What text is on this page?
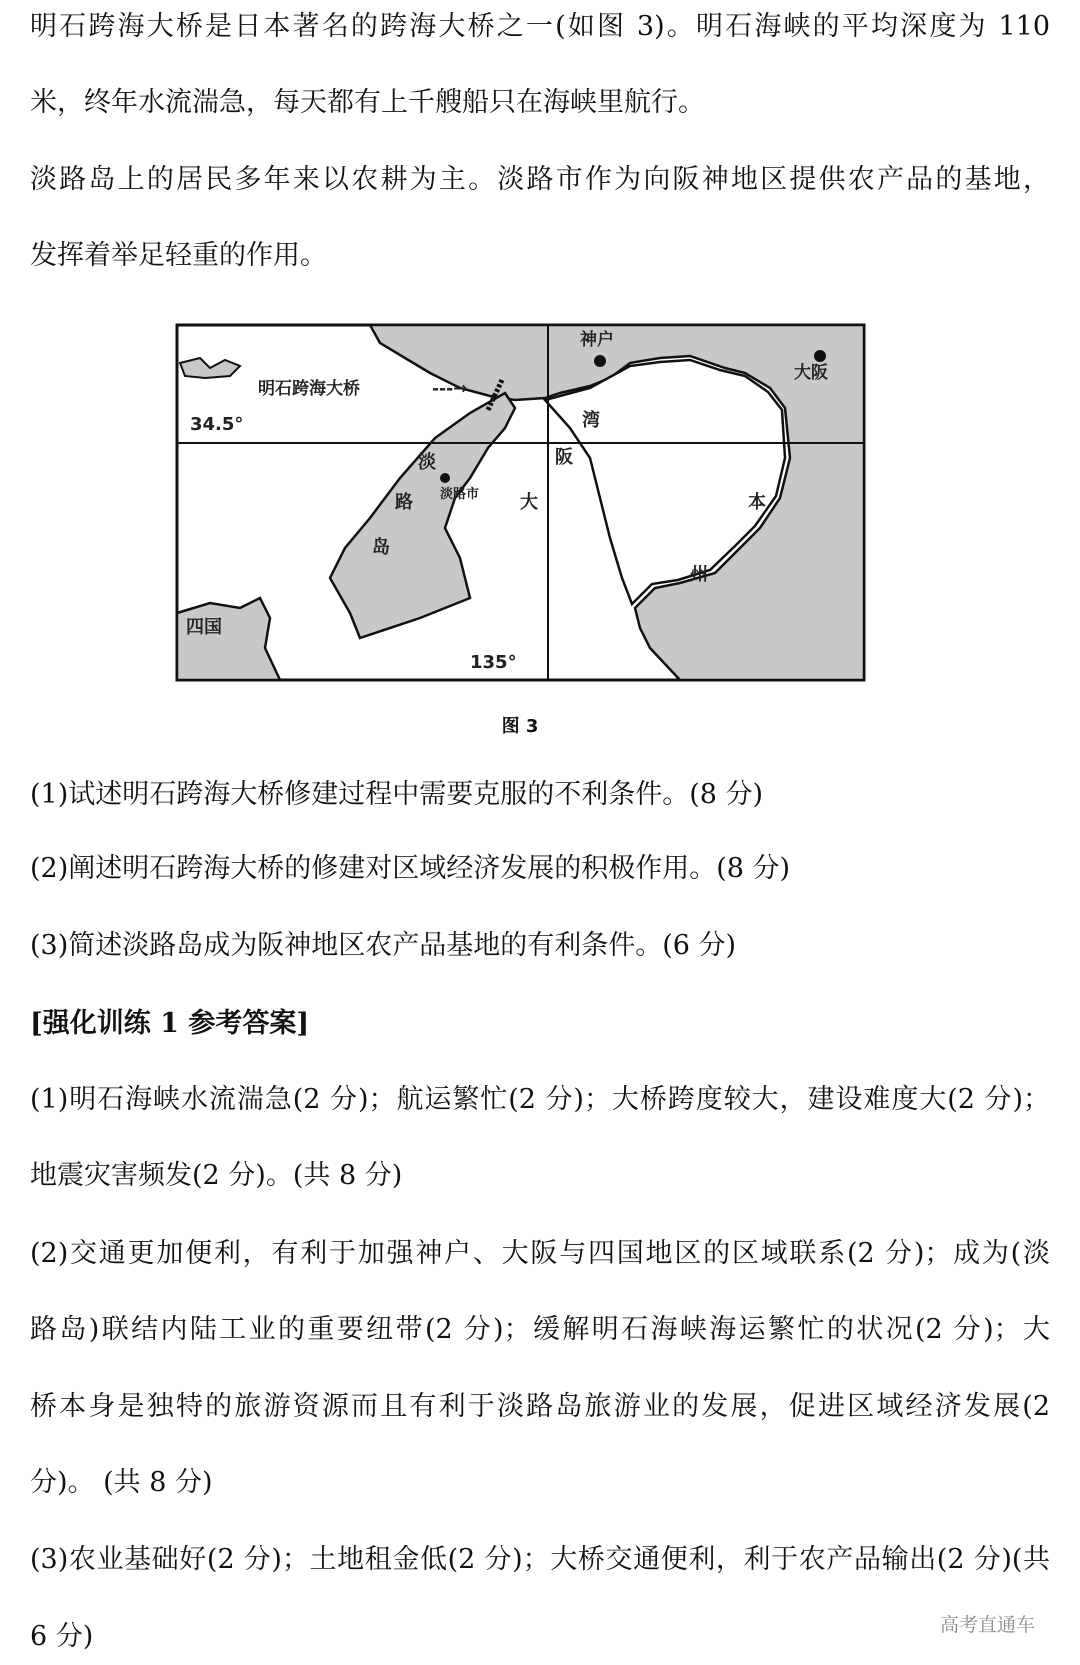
明石跨海大桥是日本著名的跨海大桥之一(如图 3)。明石海峡的平均深度为 110
米，终年水流湍急，每天都有上千艘船只在海峡里航行。
淡路岛上的居民多年来以农耕为主。淡路市作为向阪神地区提供农产品的基地，
发挥着举足轻重的作用。
明石跨海大桥	---→
34.5°
135°
神户
大阪
大
阪
湾
淡
路
岛
淡路市	本
州
四国
图 3
(1)试述明石跨海大桥修建过程中需要克服的不利条件。(8 分)
(2)阐述明石跨海大桥的修建对区域经济发展的积极作用。(8 分)
(3)简述淡路岛成为阪神地区农产品基地的有利条件。(6 分)
[强化训练 1 参考答案]
(1)明石海峡水流湍急(2 分)；航运繁忙(2 分)；大桥跨度较大，建设难度大(2 分)；
地震灾害频发(2 分)。(共 8 分)
(2)交通更加便利，有利于加强神户、大阪与四国地区的区域联系(2 分)；成为(淡
路岛)联结内陆工业的重要纽带(2 分)；缓解明石海峡海运繁忙的状况(2 分)；大
桥本身是独特的旅游资源而且有利于淡路岛旅游业的发展，促进区域经济发展(2
分)。 (共 8 分)
(3)农业基础好(2 分)；土地租金低(2 分)；大桥交通便利，利于农产品输出(2 分)(共
6 分)	高考直通车
